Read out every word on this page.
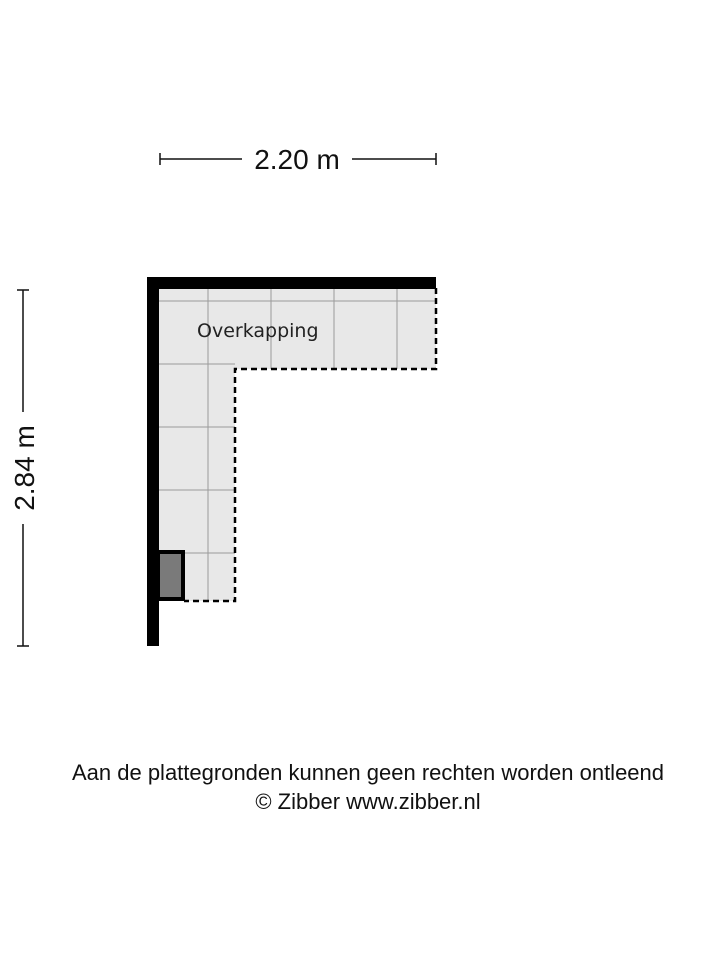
2.20 m
2.84 m
Overkapping
Aan de plattegronden kunnen geen rechten worden ontleend
© Zibber www.zibber.nl
